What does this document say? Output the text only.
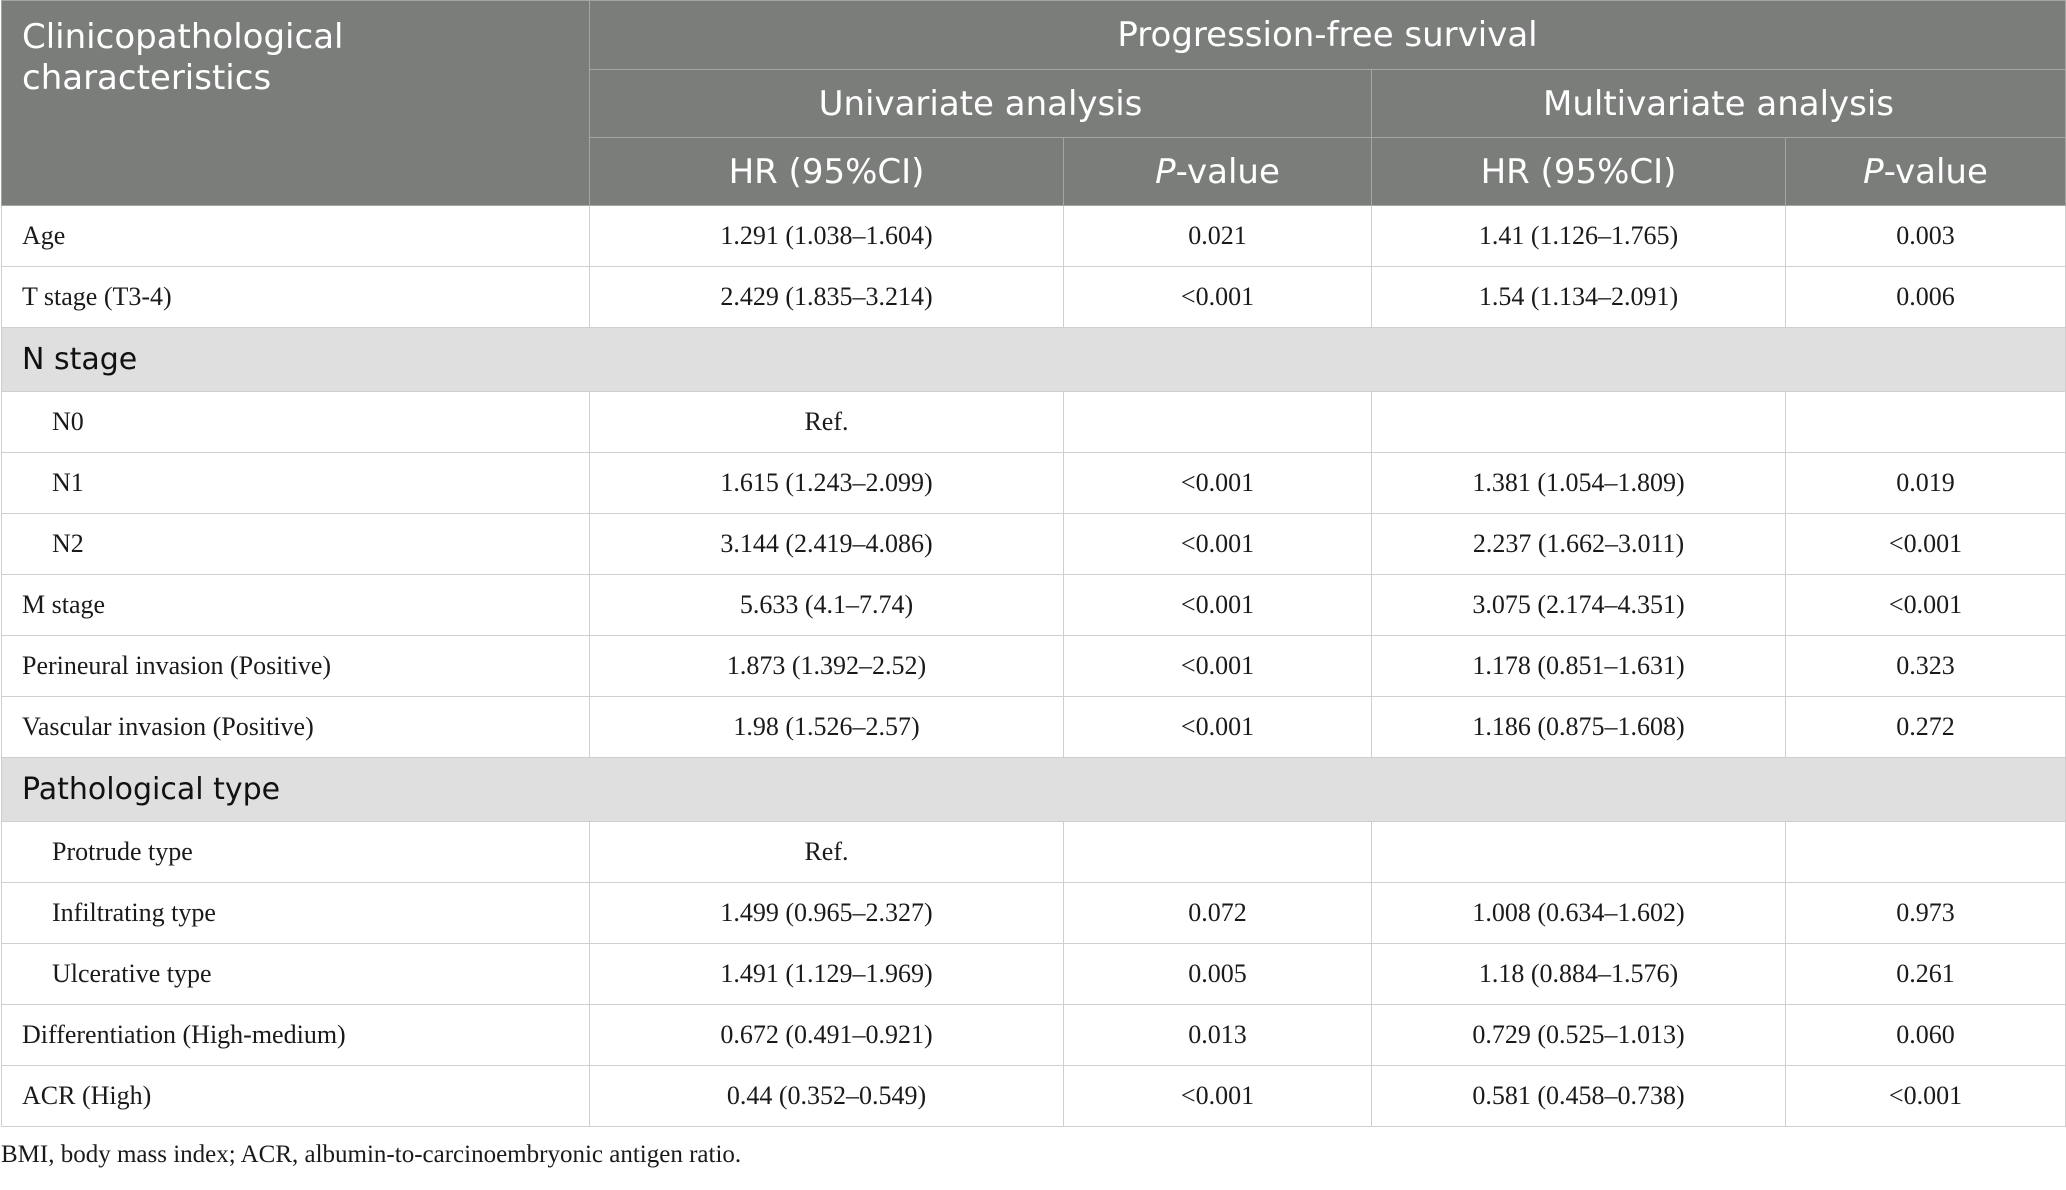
Clinicopathological characteristics	Progression-free survival			
	Univariate analysis		Multivariate analysis	
	HR (95%CI)	P-value	HR (95%CI)	P-value
Age	1.291 (1.038–1.604)	0.021	1.41 (1.126–1.765)	0.003
T stage (T3-4)	2.429 (1.835–3.214)	<0.001	1.54 (1.134–2.091)	0.006
N stage				
N0	Ref.			
N1	1.615 (1.243–2.099)	<0.001	1.381 (1.054–1.809)	0.019
N2	3.144 (2.419–4.086)	<0.001	2.237 (1.662–3.011)	<0.001
M stage	5.633 (4.1–7.74)	<0.001	3.075 (2.174–4.351)	<0.001
Perineural invasion (Positive)	1.873 (1.392–2.52)	<0.001	1.178 (0.851–1.631)	0.323
Vascular invasion (Positive)	1.98 (1.526–2.57)	<0.001	1.186 (0.875–1.608)	0.272
Pathological type				
Protrude type	Ref.			
Infiltrating type	1.499 (0.965–2.327)	0.072	1.008 (0.634–1.602)	0.973
Ulcerative type	1.491 (1.129–1.969)	0.005	1.18 (0.884–1.576)	0.261
Differentiation (High-medium)	0.672 (0.491–0.921)	0.013	0.729 (0.525–1.013)	0.060
ACR (High)	0.44 (0.352–0.549)	<0.001	0.581 (0.458–0.738)	<0.001
BMI, body mass index; ACR, albumin-to-carcinoembryonic antigen ratio.
